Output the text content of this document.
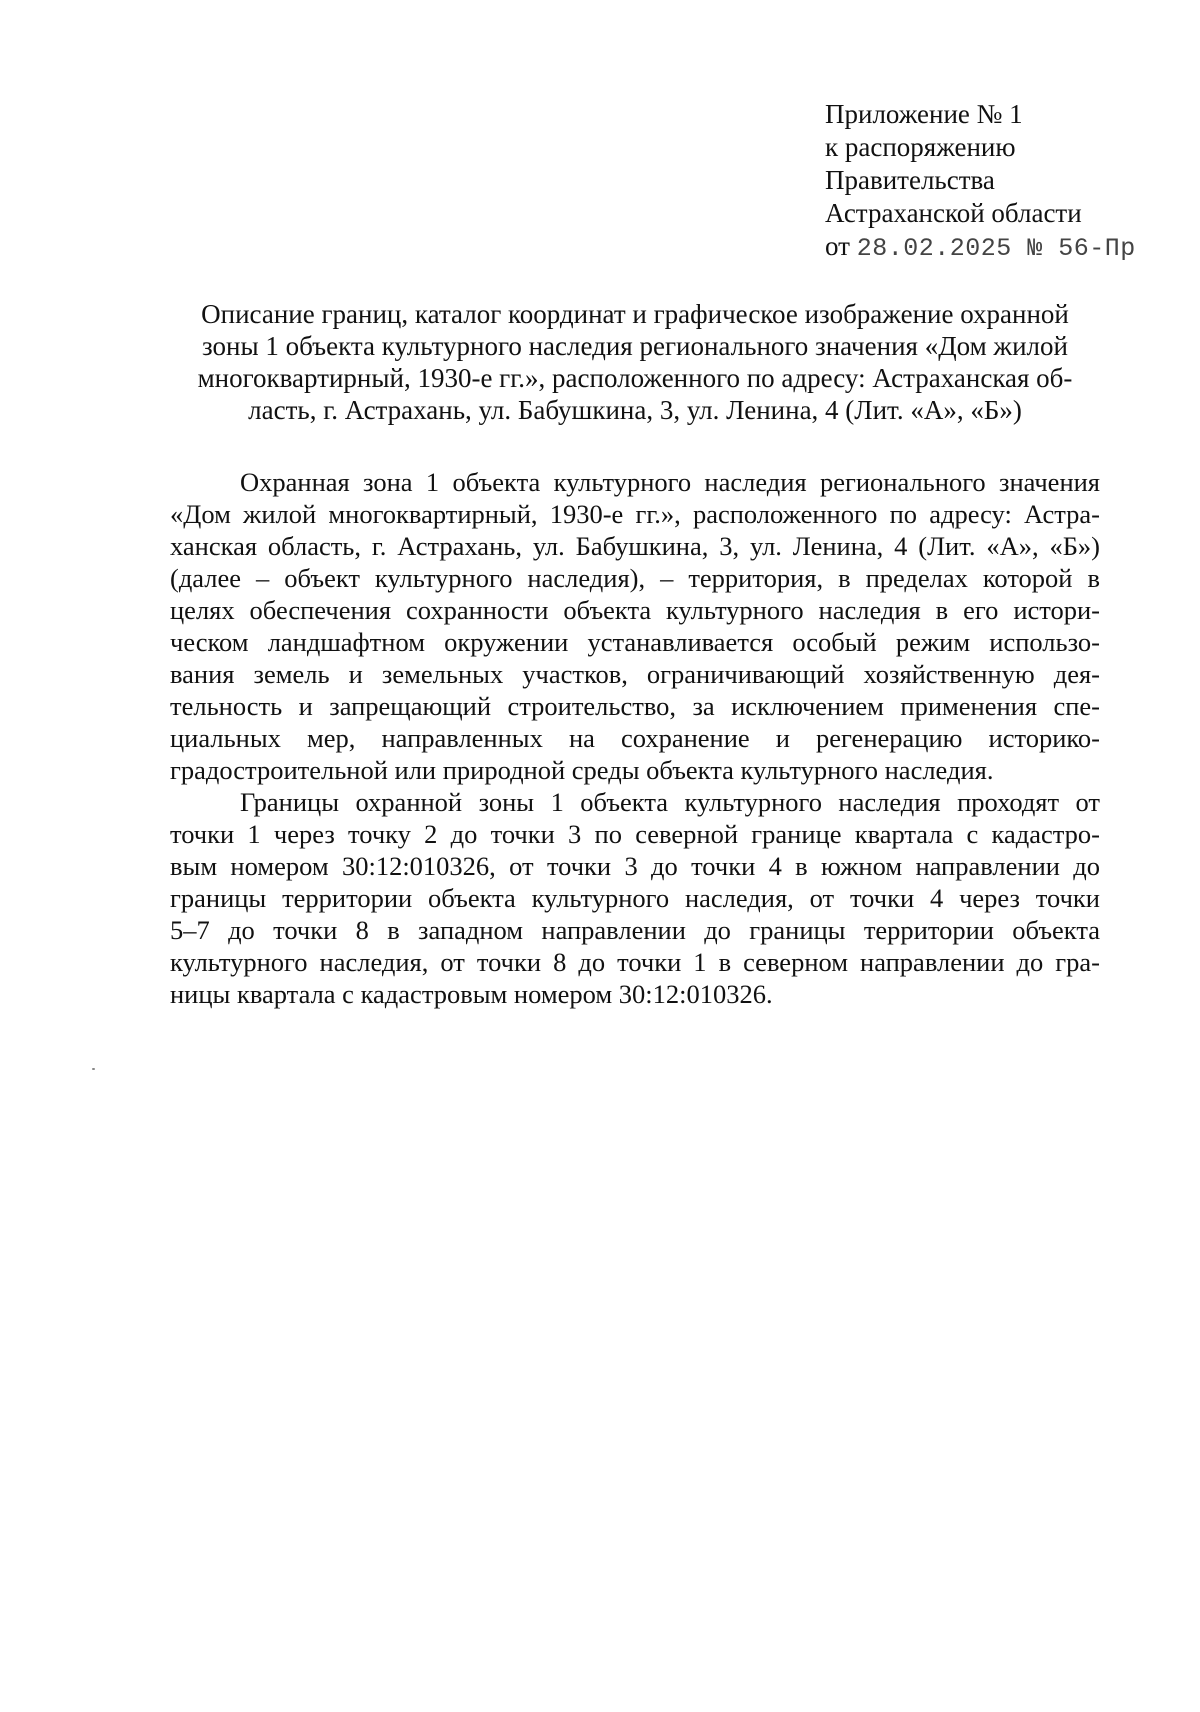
Приложение № 1
к распоряжению
Правительства
Астраханской области
от 28.02.2025 № 56-Пр
Описание границ, каталог координат и графическое изображение охранной
зоны 1 объекта культурного наследия регионального значения «Дом жилой
многоквартирный, 1930-е гг.», расположенного по адресу: Астраханская об-
ласть, г. Астрахань, ул. Бабушкина, 3, ул. Ленина, 4 (Лит. «А», «Б»)
Охранная зона 1 объекта культурного наследия регионального значения
«Дом жилой многоквартирный, 1930-е гг.», расположенного по адресу: Астра-
ханская область, г. Астрахань, ул. Бабушкина, 3, ул. Ленина, 4 (Лит. «А», «Б»)
(далее – объект культурного наследия), – территория, в пределах которой в
целях обеспечения сохранности объекта культурного наследия в его истори-
ческом ландшафтном окружении устанавливается особый режим использо-
вания земель и земельных участков, ограничивающий хозяйственную дея-
тельность и запрещающий строительство, за исключением применения спе-
циальных мер, направленных на сохранение и регенерацию историко-
градостроительной или природной среды объекта культурного наследия.
Границы охранной зоны 1 объекта культурного наследия проходят от
точки 1 через точку 2 до точки 3 по северной границе квартала с кадастро-
вым номером 30:12:010326, от точки 3 до точки 4 в южном направлении до
границы территории объекта культурного наследия, от точки 4 через точки
5–7 до точки 8 в западном направлении до границы территории объекта
культурного наследия, от точки 8 до точки 1 в северном направлении до гра-
ницы квартала с кадастровым номером 30:12:010326.
